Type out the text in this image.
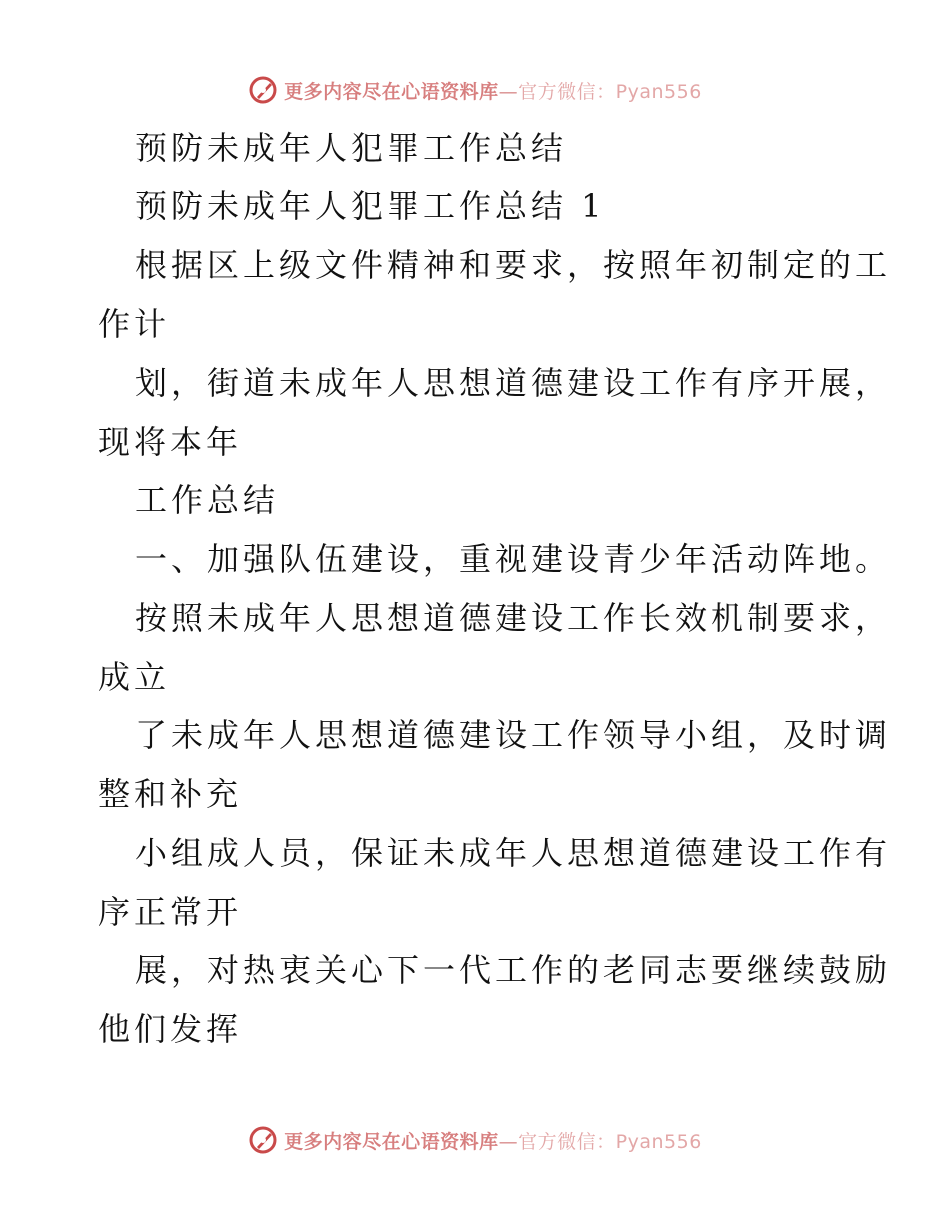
更多内容尽在心语资料库—官方微信：Pyan556
预防未成年人犯罪工作总结
预防未成年人犯罪工作总结 1
根据区上级文件精神和要求，按照年初制定的工
作计
划，街道未成年人思想道德建设工作有序开展，
现将本年
工作总结
一、加强队伍建设，重视建设青少年活动阵地。
按照未成年人思想道德建设工作长效机制要求，
成立
了未成年人思想道德建设工作领导小组，及时调
整和补充
小组成人员，保证未成年人思想道德建设工作有
序正常开
展，对热衷关心下一代工作的老同志要继续鼓励
他们发挥
更多内容尽在心语资料库—官方微信：Pyan556
